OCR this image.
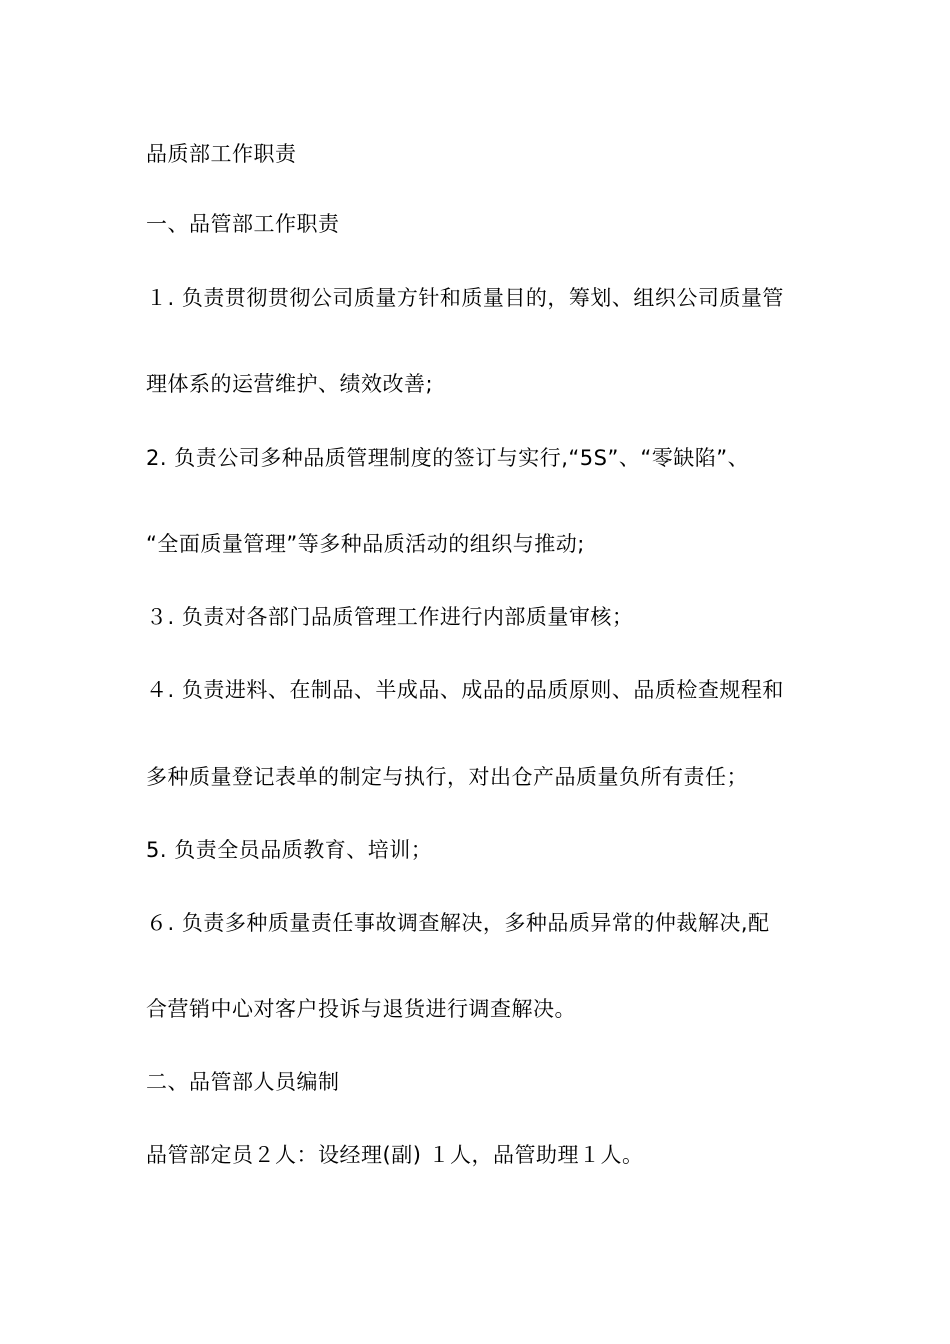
品质部工作职责
一、品管部工作职责
１. 负责贯彻贯彻公司质量方针和质量目的，筹划、组织公司质量管
理体系的运营维护、绩效改善;
2. 负责公司多种品质管理制度的签订与实行,“5S”、“零缺陷”、
“全面质量管理”等多种品质活动的组织与推动;
３. 负责对各部门品质管理工作进行内部质量审核；
４. 负责进料、在制品、半成品、成品的品质原则、品质检查规程和
多种质量登记表单的制定与执行，对出仓产品质量负所有责任；
5. 负责全员品质教育、培训；
６. 负责多种质量责任事故调查解决，多种品质异常的仲裁解决,配
合营销中心对客户投诉与退货进行调查解决。
二、品管部人员编制
品管部定员２人：设经理(副) １人，品管助理１人。
